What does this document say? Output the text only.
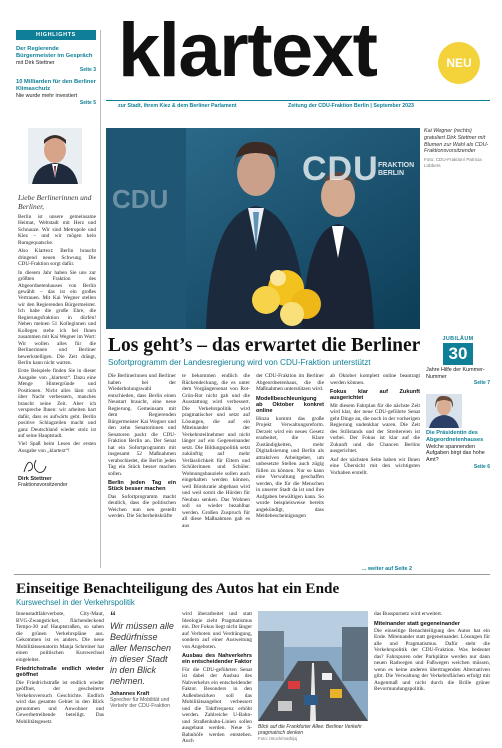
HIGHLIGHTS
Der Regierende Bürgermeister im Gespräch
mit Dirk Stettner
Seite 3
10 Milliarden für den Berliner Klimaschutz
Nie wurde mehr investiert
Seite 5
Liebe Berlinerinnen und Berliner,

Berlin ist unsere gemeinsame Heimat, Weltstadt mit Herz und Schnauze. Wir sind Metropole und Kiez – und wir mögen kein Rumgequatsche.

Also Klartext: Berlin braucht dringend neuen Schwung. Die CDU-Fraktion sorgt dafür.

In diesem Jahr haben Sie uns zur größten Fraktion des Abgeordnetenhauses von Berlin gewählt – das ist ein großes Vertrauen. Mit Kai Wegner stellen wir den Regierenden Bürgermeister. Ich habe die große Ehre, die Regierungsfraktion in dürfen! Neben meinen 51 Kolleginnen und Kollegen stehe ich bei Ihnen zusammen mit Kai Wegner im Wort: Wir wollen alles für die Berlinerinnen und Berliner bewerkstelligen. Die Zeit drängt, Berlin kann nicht warten.

Erste Beispiele finden Sie in dieser Ausgabe von „klartext“. Dazu eine Menge Hintergründe und Positionen. Nicht alles lässt sich über Nacht verbessern, manches braucht seine Zeit. Aber ich verspreche Ihnen: wir arbeiten hart dafür, dass es aufwärts geht. Berlin positive Schlagzeilen macht und ganz Deutschland wieder stolz ist auf seine Hauptstadt.

Viel Spaß beim Lesen der ersten Ausgabe von „klartext“!

Dirk Stettner
Fraktionsvorsitzender
klartext	NEU
zur Stadt, ihrem Kiez & dem Berliner Parlament	Zeitung der CDU-Fraktion Berlin | September 2023
CDU
CDU
FRAKTION BERLIN
Kai Wegner (rechts) gratuliert Dirk Stettner mit Blumen zur Wahl als CDU-Fraktionsvorsitzender
Foto: CDU-Fraktion/ Patricia Lübbers
Los geht’s – das erwartet die Berliner
Sofortprogramm der Landesregierung wird von CDU-Fraktion unterstützt

Die Berlinerinnen und Berliner haben bei der Wiederholungswahl entschieden, dass Berlin einen Neustart braucht, eine neue Regierung. Gemeinsam mit dem Regierenden Bürgermeister Kai Wegner und den zehn Senatorinnen und Senatoren packt die CDU-Fraktion Berlin an. Der Senat hat ein Sofortprogramm mit insgesamt 52 Maßnahmen verabschiedet, die Berlin jeden Tag ein Stück besser machen sollen.

Berlin jeden Tag ein Stück besser machen

Das Sofortprogramm macht deutlich, dass die politischen Weichen nun neu gestellt werden. Die Sicherheitskräfte

te bekommen endlich die Rückendeckung, die es unter dem Vorgängersenat von Rot-Grün-Rot nicht gab und die Ausstattung wird verbessert. Die Verkehrspolitik wird pragmatischer und setzt auf Lösungen, die auf ein Miteinander der Verkehrsteilnehmer und nicht länger auf ein Gegeneinander setzt. Die Bildungspolitik setzt zukünftig auf mehr Verlässlichkeit für Eltern und Schülerinnen und Schüler. Wohnungsbauziele sollen auch eingehalten werden können, weil Bürokratie abgebaut wird und weil somit die Hürden für Neubau senken. Das Wohnen soll so wieder bezahlbar werden. Großen Zuspruch für all diese Maßnahmen gab es aus

der CDU-Fraktion im Berliner Abgeordnetenhaus, die die Maßnahmen unterstützen wird.

Modellbeschleunigung ab Oktober konkret online

Hinzu kommt das große Projekt Verwaltungsreform. Derzeit wird ein neues Gesetz erarbeitet, die Klare Zuständigkeiten, mehr Digitalisierung und Berlin als attraktiven Arbeitgeber, um unbesetzte Stellen auch zügig füllen zu können. Nur so kann eine Verwaltung geschaffen werden, die für die Menschen in unserer Stadt da ist und ihre Aufgaben bewältigen kann. So wurde beispielsweise bereits angekündigt, dass Meldebescheinigungen

ab Oktober komplett online beantragt werden können.

Fokus klar auf Zukunft ausgerichtet

Mit diesem Fahrplan für die nächste Zeit wird klar, der neue CDU-geführte Senat geht Dinge an, die noch in der vorherigen Regierung undenkbar waren. Die Zeit des Stillstands und der Streitereien ist vorbei. Der Fokus ist klar auf die Zukunft und die Chancen Berlins ausgerichtet.

Auf der nächsten Seite haben wir Ihnen eine Übersicht mit den wichtigsten Vorhaben erstellt.

... weiter auf Seite 2
JUBILÄUM
30
Jahre Hilfe der Kummer-Nummer
Seite 7
Die Präsidentin des Abgeordnetenhauses
Welche spannenden Aufgaben birgt das hohe Amt?
Seite 6
Einseitige Benachteiligung des Autos hat ein Ende
Kurswechsel in der Verkehrspolitik

Innenstadtfahrverbote, City-Maut, BVG-Zwangsticket, flächendeckend Tempo-30 auf Hauptstraßen, so sahen die grünen Verkehrspläne aus. Gekommen ist es anders. Die neue Mobilitätssenatorin Manja Schreiner hat einen politischen Kurswechsel eingeleitet.

Friedrichstraße endlich wieder geöffnet

Die Friedrichstraße ist endlich wieder geöffnet, der gescheiterte Verkehrsversuch Geschichte. Endlich wird das gesamte Gebiet in den Blick genommen und Anwohner und Gewerbetreibende beteiligt. Das Mobilitätsgesetz

“
Wir müssen alle Bedürfnisse aller Menschen in dieser Stadt in den Blick nehmen.
Johannes Kraft
Sprecher für Mobilität und Verkehr der CDU-Fraktion

wird überarbeitet und statt Ideologie zieht Pragmatismus ein. Der Fokus liegt nicht länger auf Verboten und Verdrängung, sondern auf einer Ausweitung von Angeboten.

Ausbau des Nahverkehrs ein entscheidender Faktor

Für die CDU-geführten Senat ist dabei der Ausbau des Nahverkehrs ein entscheidender Faktor. Besonders in den Außenbezirken soll das Mobilitätsangebot verbessert und die Taktfrequenz erhöht werden. Zahlreiche U-Bahn- und Straßenbahn-Linien sollen ausgebaut werden. Neue S-Bahnhöfe werden entstehen. Auch

Blick auf die Frankfurter Allee: Berliner Verkehr pragmatisch denken
Foto: iStock/mathijsj

das Busspurnetz wird erweitert.

Miteinander statt gegeneinander

Die einseitige Benachteiligung des Autos hat ein Ende. Miteinander statt gegeneinander. Lösungen für alle und Pragmatismus. Dafür steht die Verkehrspolitik der CDU-Fraktion. Was bedeutet das? Fahrspuren oder Parkplätze werden nur dann neuen Radwegen und Fußwegen weichen müssen, wenn es keine anderen übertragenden Alternativen gibt. Die Verwaltung der Verkehrsflächen erfolgt mit Augenmaß und nicht durch die Brille grüner Bevormundungspolitik.
